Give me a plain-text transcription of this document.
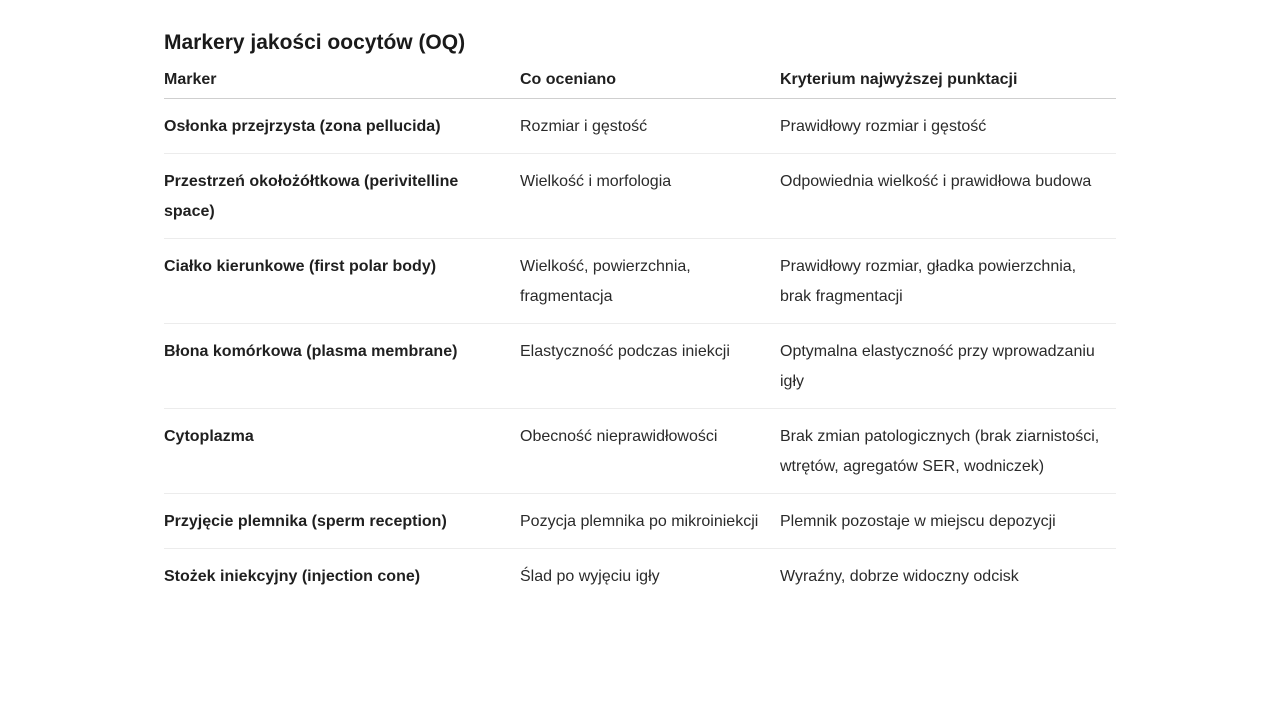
Markery jakości oocytów (OQ)
Marker	Co oceniano	Kryterium najwyższej punktacji
Osłonka przejrzysta (zona pellucida)	Rozmiar i gęstość	Prawidłowy rozmiar i gęstość
Przestrzeń okołożółtkowa (perivitelline space)	Wielkość i morfologia	Odpowiednia wielkość i prawidłowa budowa
Ciałko kierunkowe (first polar body)	Wielkość, powierzchnia, fragmentacja	Prawidłowy rozmiar, gładka powierzchnia, brak fragmentacji
Błona komórkowa (plasma membrane)	Elastyczność podczas iniekcji	Optymalna elastyczność przy wprowadzaniu igły
Cytoplazma	Obecność nieprawidłowości	Brak zmian patologicznych (brak ziarnistości, wtrętów, agregatów SER, wodniczek)
Przyjęcie plemnika (sperm reception)	Pozycja plemnika po mikroiniekcji	Plemnik pozostaje w miejscu depozycji
Stożek iniekcyjny (injection cone)	Ślad po wyjęciu igły	Wyraźny, dobrze widoczny odcisk
